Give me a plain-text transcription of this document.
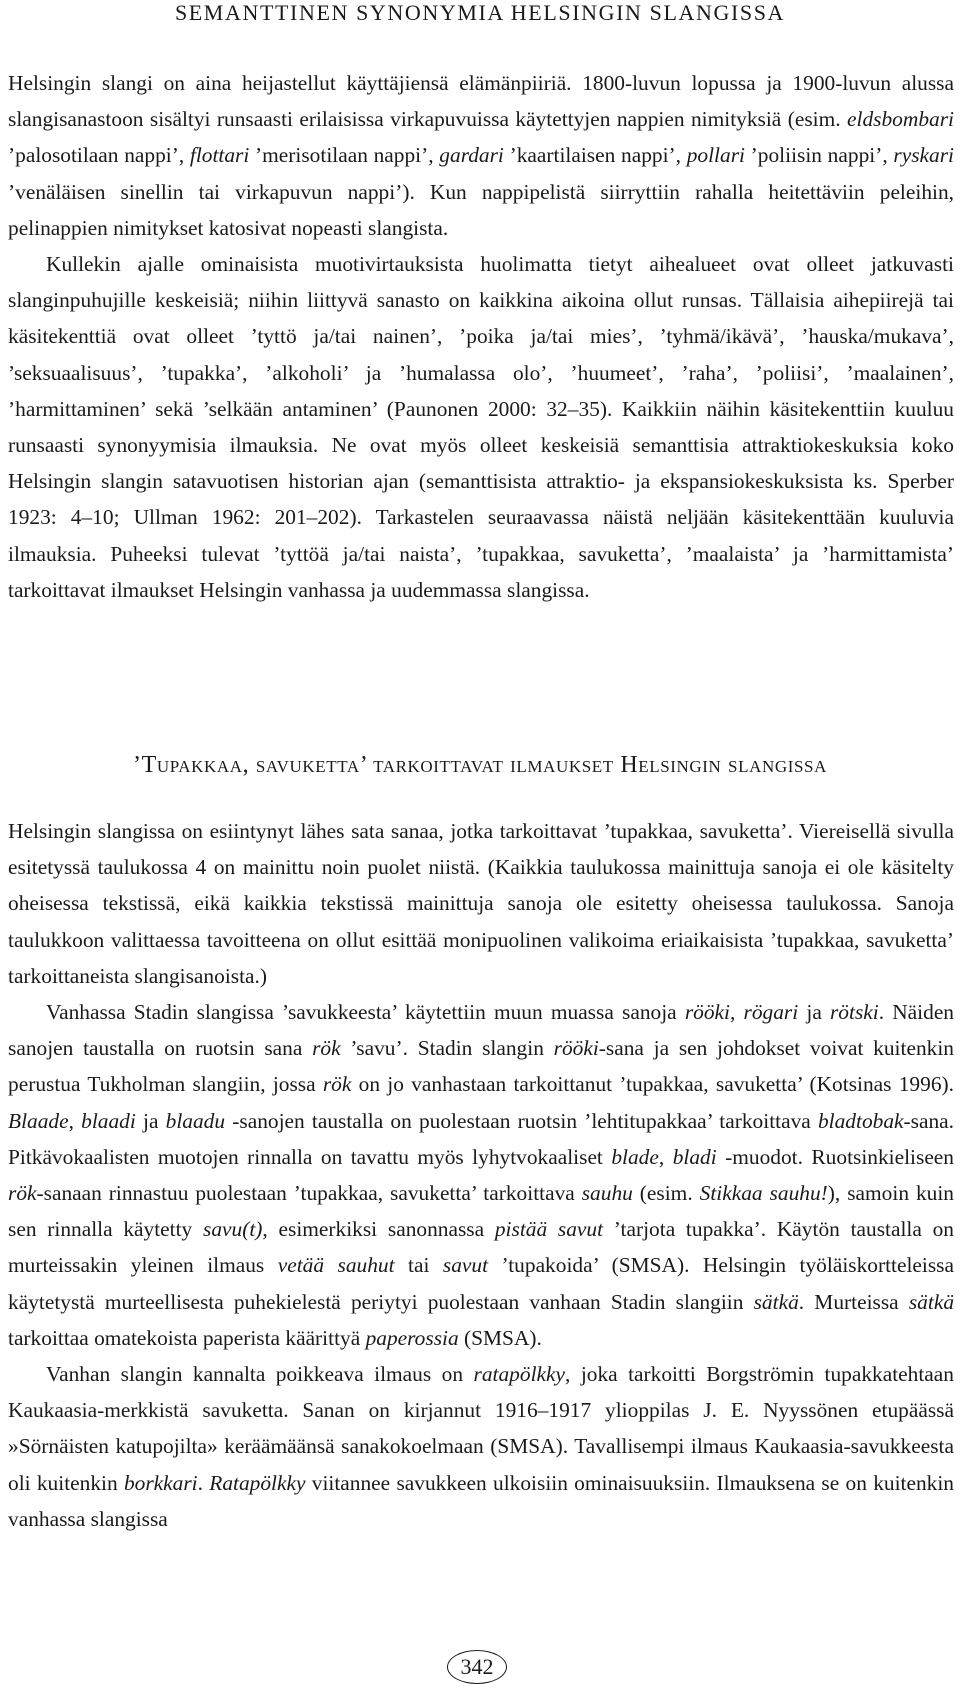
SEMANTTINEN SYNONYMIA HELSINGIN SLANGISSA

Helsingin slangi on aina heijastellut käyttäjiensä elämänpiiriä. 1800-luvun lopussa ja 1900-luvun alussa slangisanastoon sisältyi runsaasti erilaisissa virkapuvuissa käytettyjen nappien nimityksiä (esim. eldsbombari ’palosotilaan nappi’, flottari ’merisotilaan nappi’, gardari ’kaartilaisen nappi’, pollari ’poliisin nappi’, ryskari ’venäläisen sinellin tai virkapuvun nappi’). Kun nappipelistä siirryttiin rahalla heitettäviin peleihin, pelinappien nimitykset katosivat nopeasti slangista.

Kullekin ajalle ominaisista muotivirtauksista huolimatta tietyt aihealueet ovat olleet jatkuvasti slanginpuhujille keskeisiä; niihin liittyvä sanasto on kaikkina aikoina ollut runsas. Tällaisia aihepiirejä tai käsitekenttiä ovat olleet ’tyttö ja/tai nainen’, ’poika ja/tai mies’, ’tyhmä/ikävä’, ’hauska/mukava’, ’seksuaalisuus’, ’tupakka’, ’alkoholi’ ja ’humalassa olo’, ’huumeet’, ’raha’, ’poliisi’, ’maalainen’, ’harmittaminen’ sekä ’selkään antaminen’ (Paunonen 2000: 32–35). Kaikkiin näihin käsitekenttiin kuuluu runsaasti synonyymisia ilmauksia. Ne ovat myös olleet keskeisiä semanttisia attraktiokeskuksia koko Helsingin slangin satavuotisen historian ajan (semanttisista attraktio- ja ekspansiokeskuksista ks. Sperber 1923: 4–10; Ullman 1962: 201–202). Tarkastelen seuraavassa näistä neljään käsitekenttään kuuluvia ilmauksia. Puheeksi tulevat ’tyttöä ja/tai naista’, ’tupakkaa, savuketta’, ’maalaista’ ja ’harmittamista’ tarkoittavat ilmaukset Helsingin vanhassa ja uudemmassa slangissa.

’Tupakkaa, savuketta’ tarkoittavat ilmaukset Helsingin slangissa

Helsingin slangissa on esiintynyt lähes sata sanaa, jotka tarkoittavat ’tupakkaa, savuketta’. Viereisellä sivulla esitetyssä taulukossa 4 on mainittu noin puolet niistä. (Kaikkia taulukossa mainittuja sanoja ei ole käsitelty oheisessa tekstissä, eikä kaikkia tekstissä mainittuja sanoja ole esitetty oheisessa taulukossa. Sanoja taulukkoon valittaessa tavoitteena on ollut esittää monipuolinen valikoima eriaikaisista ’tupakkaa, savuketta’ tarkoittaneista slangisanoista.)

Vanhassa Stadin slangissa ’savukkeesta’ käytettiin muun muassa sanoja rööki, rögari ja rötski. Näiden sanojen taustalla on ruotsin sana rök ’savu’. Stadin slangin rööki-sana ja sen johdokset voivat kuitenkin perustua Tukholman slangiin, jossa rök on jo vanhastaan tarkoittanut ’tupakkaa, savuketta’ (Kotsinas 1996). Blaade, blaadi ja blaadu -sanojen taustalla on puolestaan ruotsin ’lehtitupakkaa’ tarkoittava bladtobak-sana. Pitkävokaalisten muotojen rinnalla on tavattu myös lyhytvokaaliset blade, bladi -muodot. Ruotsinkieliseen rök-sanaan rinnastuu puolestaan ’tupakkaa, savuketta’ tarkoittava sauhu (esim. Stikkaa sauhu!), samoin kuin sen rinnalla käytetty savu(t), esimerkiksi sanonnassa pistää savut ’tarjota tupakka’. Käytön taustalla on murteissakin yleinen ilmaus vetää sauhut tai savut ’tupakoida’ (SMSA). Helsingin työläiskortteleissa käytetystä murteellisesta puhekielestä periytyi puolestaan vanhaan Stadin slangiin sätkä. Murteissa sätkä tarkoittaa omatekoista paperista käärittyä paperossia (SMSA).

Vanhan slangin kannalta poikkeava ilmaus on ratapölkky, joka tarkoitti Borgströmin tupakkatehtaan Kaukaasia-merkkistä savuketta. Sanan on kirjannut 1916–1917 ylioppilas J. E. Nyyssönen etupäässä »Sörnäisten katupojilta» keräämäänsä sanakokoelmaan (SMSA). Tavallisempi ilmaus Kaukaasia-savukkeesta oli kuitenkin borkkari. Ratapölkky viitannee savukkeen ulkoisiin ominaisuuksiin. Ilmauksena se on kuitenkin vanhassa slangissa

342
